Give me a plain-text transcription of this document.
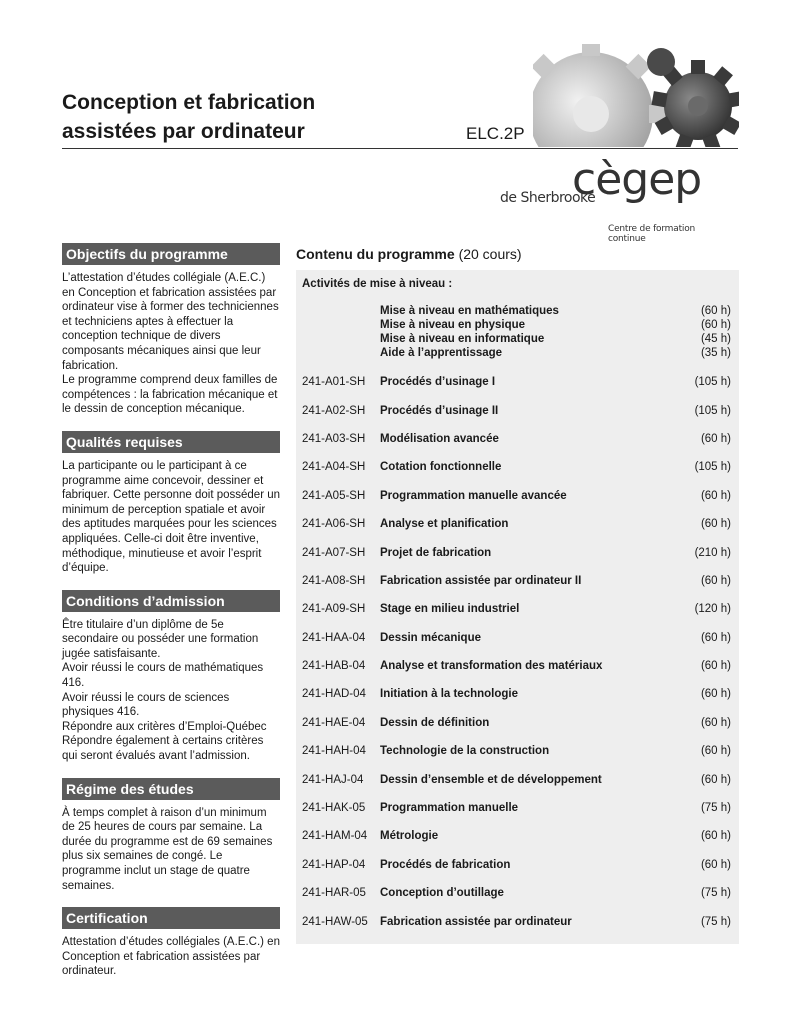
Conception et fabrication
assistées par ordinateur	ELC.2P
cègep
de Sherbrooke
Centre de formation continue
Objectifs du programme

L’attestation d’études collégiale (A.E.C.) en Conception et fabrication assistées par ordinateur vise à former des techniciennes et techniciens aptes à effectuer la conception technique de divers composants mécaniques ainsi que leur fabrication.

Le programme comprend deux familles de compétences : la fabrication mécanique et le dessin de conception mécanique.

Qualités requises

La participante ou le participant à ce programme aime concevoir, dessiner et fabriquer. Cette personne doit posséder un minimum de perception spatiale et avoir des aptitudes marquées pour les sciences appliquées. Celle-ci doit être inventive, méthodique, minutieuse et avoir l’esprit d’équipe.

Conditions d’admission

Être titulaire d’un diplôme de 5e secondaire ou posséder une formation jugée satisfaisante.

Avoir réussi le cours de mathématiques 416.

Avoir réussi le cours de sciences physiques 416.

Répondre aux critères d’Emploi-Québec

Répondre également à certains critères qui seront évalués avant l’admission.

Régime des études

À temps complet à raison d’un minimum de 25 heures de cours par semaine. La durée du programme est de 69 semaines plus six semaines de congé. Le programme inclut un stage de quatre semaines.

Certification

Attestation d’études collégiales (A.E.C.) en Conception et fabrication assistées par ordinateur.

Contenu du programme (20 cours)
Activités de mise à niveau :
Mise à niveau en mathématiques	(60 h)
Mise à niveau en physique	(60 h)
Mise à niveau en informatique	(45 h)
Aide à l’apprentissage	(35 h)
241-A01-SH	Procédés d’usinage I	(105 h)
241-A02-SH	Procédés d’usinage II	(105 h)
241-A03-SH	Modélisation avancée	(60 h)
241-A04-SH	Cotation fonctionnelle	(105 h)
241-A05-SH	Programmation manuelle avancée	(60 h)
241-A06-SH	Analyse et planification	(60 h)
241-A07-SH	Projet de fabrication	(210 h)
241-A08-SH	Fabrication assistée par ordinateur II	(60 h)
241-A09-SH	Stage en milieu industriel	(120 h)
241-HAA-04	Dessin mécanique	(60 h)
241-HAB-04	Analyse et transformation des matériaux	(60 h)
241-HAD-04	Initiation à la technologie	(60 h)
241-HAE-04	Dessin de définition	(60 h)
241-HAH-04	Technologie de la construction	(60 h)
241-HAJ-04	Dessin d’ensemble et de développement	(60 h)
241-HAK-05	Programmation manuelle	(75 h)
241-HAM-04	Métrologie	(60 h)
241-HAP-04	Procédés de fabrication	(60 h)
241-HAR-05	Conception d’outillage	(75 h)
241-HAW-05	Fabrication assistée par ordinateur	(75 h)
